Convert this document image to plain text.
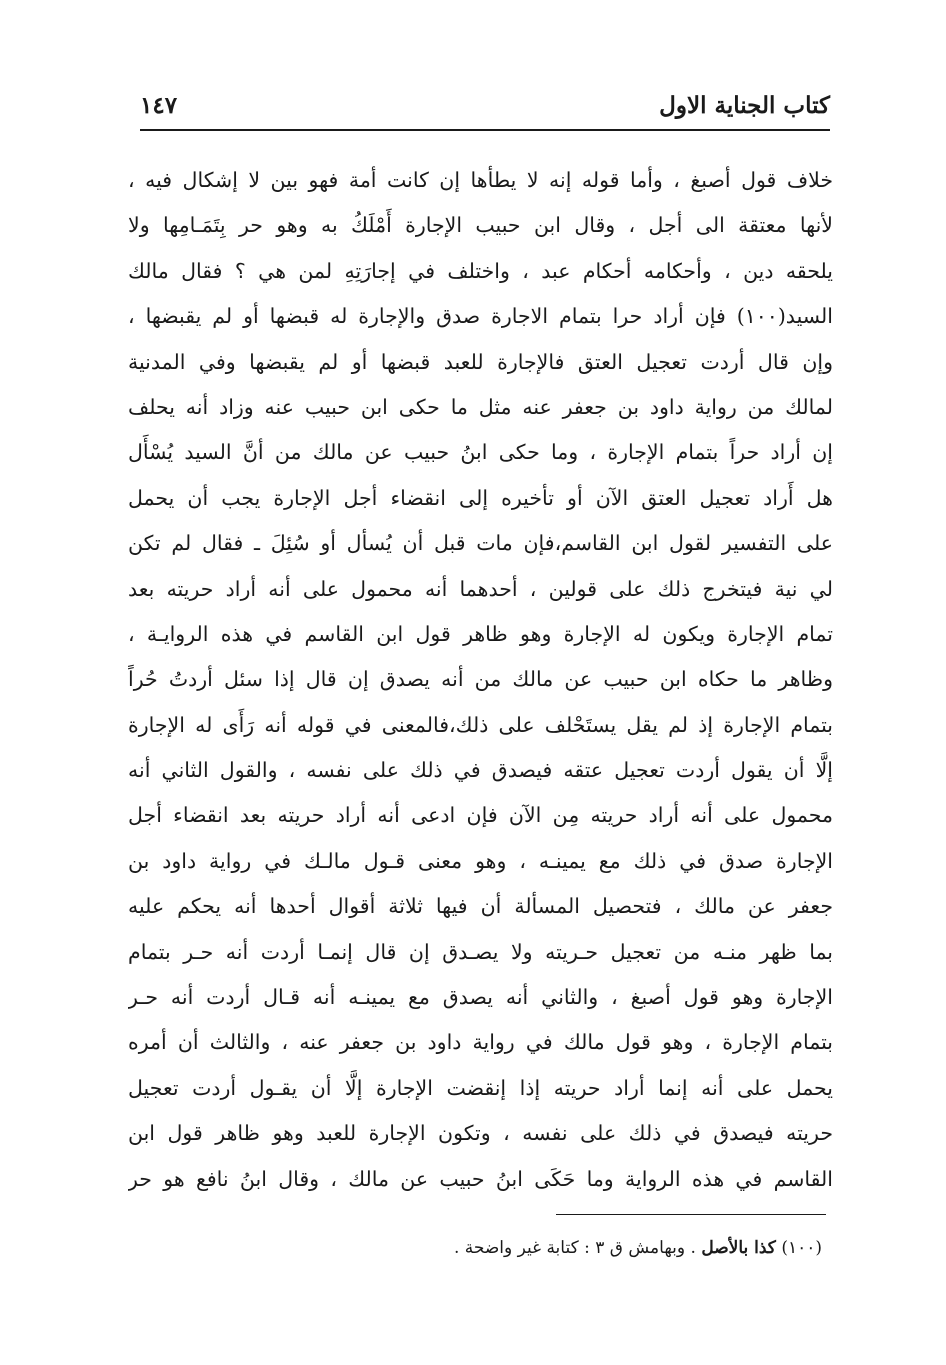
كتاب الجناية الاول
١٤٧
خلاف قول أصبغ ، وأما قوله إنه لا يطأها إن كانت أمة فهو بين لا إشكال فيه ،
لأنها معتقة الى أجل ، وقال ابن حبيب الإجارة أَمْلَكُ به وهو حر بِتَمَـامِها ولا
يلحقه دين ، وأحكامه أحكام عبد ، واختلف في إجارَتِهِ لمن هي ؟ فقال مالك
السيد(١٠٠) فإن أراد حرا بتمام الاجارة صدق والإجارة له قبضها أو لم يقبضها ،
وإن قال أردت تعجيل العتق فالإجارة للعبد قبضها أو لم يقبضها وفي المدنية
لمالك من رواية داود بن جعفر عنه مثل ما حكى ابن حبيب عنه وزاد أنه يحلف
إن أراد حراً بتمام الإجارة ، وما حكى ابنُ حبيب عن مالك من أنَّ السيد يُسْأَل
هل أَراد تعجيل العتق الآن أو تأخيره إلى انقضاء أجل الإجارة يجب أن يحمل
على التفسير لقول ابن القاسم،فإن مات قبل أن يُسأل أو سُئِلَ ـ فقال لم تكن
لي نية فيتخرج ذلك على قولين ، أحدهما أنه محمول على أنه أراد حريته بعد
تمام الإجارة ويكون له الإجارة وهو ظاهر قول ابن القاسم في هذه الروايـة ،
وظاهر ما حكاه ابن حبيب عن مالك من أنه يصدق إن قال إذا سئل أردتُ حُراً
بتمام الإجارة إذ لم يقل يستَحْلف على ذلك،فالمعنى في قوله أنه رَأَى له الإجارة
إلَّا أن يقول أردت تعجيل عتقه فيصدق في ذلك على نفسه ، والقول الثاني أنه
محمول على أنه أراد حريته مِن الآن فإن ادعى أنه أراد حريته بعد انقضاء أجل
الإجارة صدق في ذلك مع يمينـه ، وهو معنى قـول مالـك في رواية داود بن
جعفر عن مالك ، فتحصيل المسألة أن فيها ثلاثة أقوال أحدها أنه يحكم عليه
بما ظهر منـه من تعجيل حـريته ولا يصـدق إن قال إنمـا أردت أنه حـر بتمام
الإجارة وهو قول أصبغ ، والثاني أنه يصدق مع يمينـه أنه قـال أردت أنه حـر
بتمام الإجارة ، وهو قول مالك في رواية داود بن جعفر عنه ، والثالث أن أمره
يحمل على أنه إنما أراد حريته إذا إنقضت الإجارة إلَّا أن يقـول أردت تعجيل
حريته فيصدق في ذلك على نفسه ، وتكون الإجارة للعبد وهو ظاهر قول ابن
القاسم في هذه الرواية وما حَكَى ابنُ حبيب عن مالك ، وقال ابنُ نافع هو حر
(١٠٠) كذا بالأصل . وبهامش ق ٣ : كتابة غير واضحة .
